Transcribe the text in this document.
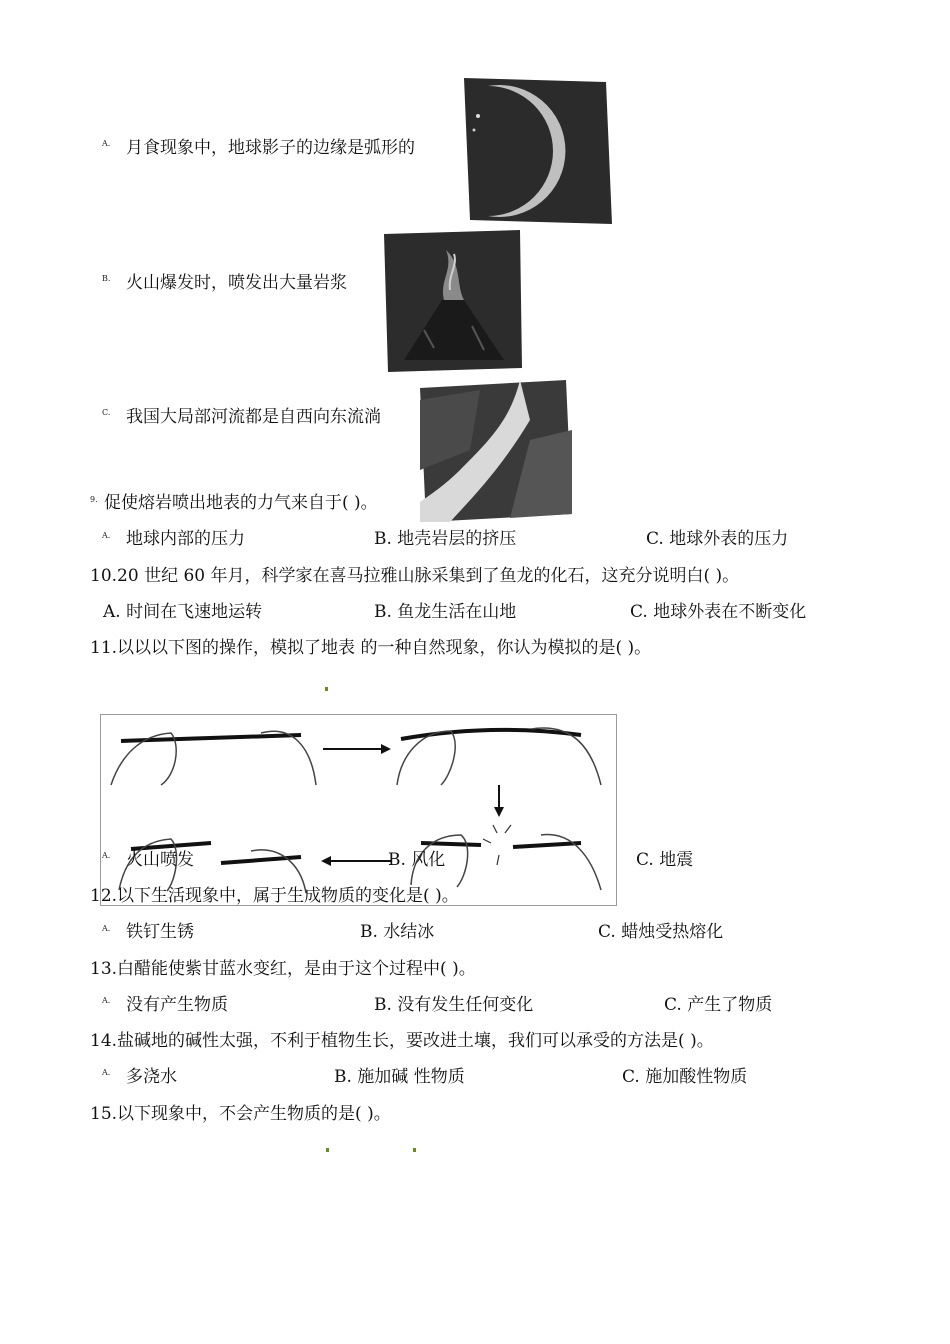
A. 月食现象中，地球影子的边缘是弧形的
B. 火山爆发时，喷发出大量岩浆
C. 我国大局部河流都是自西向东流淌
9. 促使熔岩喷出地表的力气来自于( )。
A. 地球内部的压力	B. 地壳岩层的挤压	C. 地球外表的压力
10.20 世纪 60 年月，科学家在喜马拉雅山脉采集到了鱼龙的化石，这充分说明白( )。
A. 时间在飞速地运转	B. 鱼龙生活在山地	C. 地球外表在不断变化
11.以以以下图的操作，模拟了地表 的一种自然现象，你认为模拟的是( )。
A. 火山喷发	B. 风化	C. 地震
12.以下生活现象中，属于生成物质的变化是( )。
A. 铁钉生锈	B. 水结冰	C. 蜡烛受热熔化
13.白醋能使紫甘蓝水变红，是由于这个过程中( )。
A. 没有产生物质	B. 没有发生任何变化	C. 产生了物质
14.盐碱地的碱性太强，不利于植物生长，要改进土壤，我们可以承受的方法是( )。
A. 多浇水	B. 施加碱 性物质	C. 施加酸性物质
15.以下现象中，不会产生物质的是( )。
